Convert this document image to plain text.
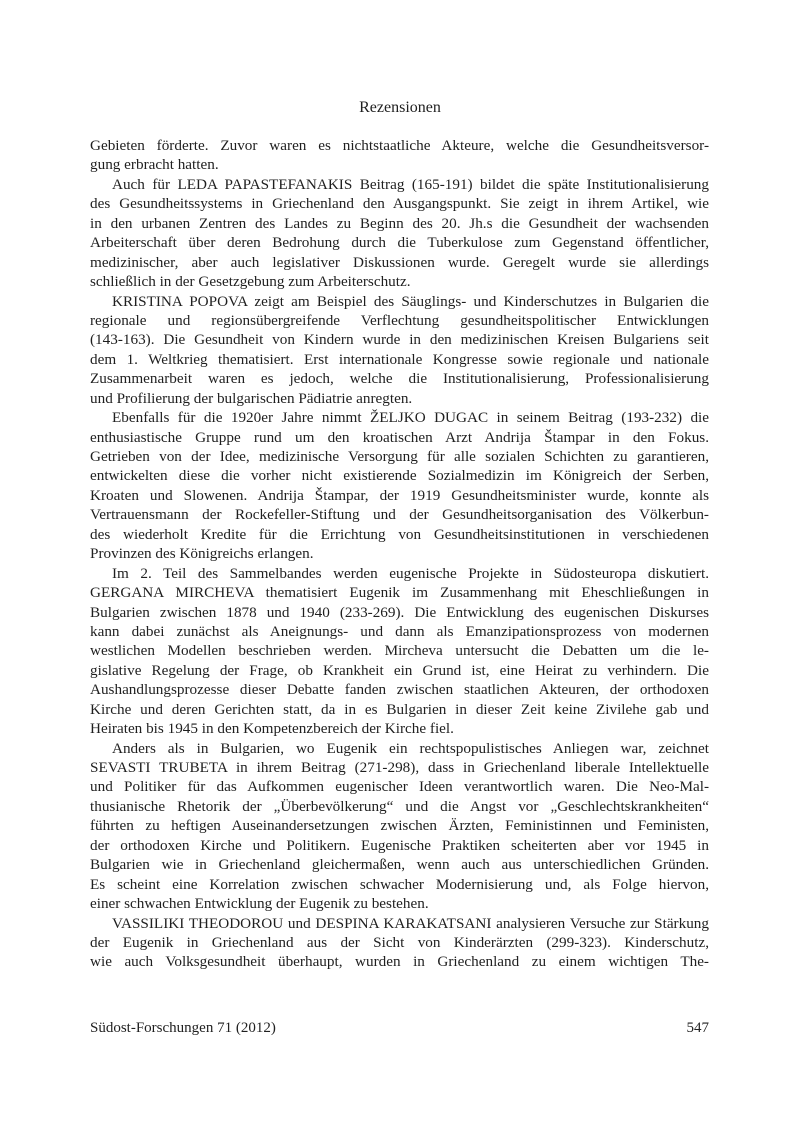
Rezensionen
Gebieten förderte. Zuvor waren es nichtstaatliche Akteure, welche die Gesundheitsversor-
gung erbracht hatten.
Auch für LEDA PAPASTEFANAKIS Beitrag (165-191) bildet die späte Institutionalisierung
des Gesundheitssystems in Griechenland den Ausgangspunkt. Sie zeigt in ihrem Artikel, wie
in den urbanen Zentren des Landes zu Beginn des 20. Jh.s die Gesundheit der wachsenden
Arbeiterschaft über deren Bedrohung durch die Tuberkulose zum Gegenstand öffentlicher,
medizinischer, aber auch legislativer Diskussionen wurde. Geregelt wurde sie allerdings
schließlich in der Gesetzgebung zum Arbeiterschutz.
KRISTINA POPOVA zeigt am Beispiel des Säuglings- und Kinderschutzes in Bulgarien die
regionale und regionsübergreifende Verflechtung gesundheitspolitischer Entwicklungen
(143-163). Die Gesundheit von Kindern wurde in den medizinischen Kreisen Bulgariens seit
dem 1. Weltkrieg thematisiert. Erst internationale Kongresse sowie regionale und nationale
Zusammenarbeit waren es jedoch, welche die Institutionalisierung, Professionalisierung
und Profilierung der bulgarischen Pädiatrie anregten.
Ebenfalls für die 1920er Jahre nimmt ŽELJKO DUGAC in seinem Beitrag (193-232) die
enthusiastische Gruppe rund um den kroatischen Arzt Andrija Štampar in den Fokus.
Getrieben von der Idee, medizinische Versorgung für alle sozialen Schichten zu garantieren,
entwickelten diese die vorher nicht existierende Sozialmedizin im Königreich der Serben,
Kroaten und Slowenen. Andrija Štampar, der 1919 Gesundheitsminister wurde, konnte als
Vertrauensmann der Rockefeller-Stiftung und der Gesundheitsorganisation des Völkerbun-
des wiederholt Kredite für die Errichtung von Gesundheitsinstitutionen in verschiedenen
Provinzen des Königreichs erlangen.
Im 2. Teil des Sammelbandes werden eugenische Projekte in Südosteuropa diskutiert.
GERGANA MIRCHEVA thematisiert Eugenik im Zusammenhang mit Eheschließungen in
Bulgarien zwischen 1878 und 1940 (233-269). Die Entwicklung des eugenischen Diskurses
kann dabei zunächst als Aneignungs- und dann als Emanzipationsprozess von modernen
westlichen Modellen beschrieben werden. Mircheva untersucht die Debatten um die le-
gislative Regelung der Frage, ob Krankheit ein Grund ist, eine Heirat zu verhindern. Die
Aushandlungsprozesse dieser Debatte fanden zwischen staatlichen Akteuren, der orthodoxen
Kirche und deren Gerichten statt, da in es Bulgarien in dieser Zeit keine Zivilehe gab und
Heiraten bis 1945 in den Kompetenzbereich der Kirche fiel.
Anders als in Bulgarien, wo Eugenik ein rechtspopulistisches Anliegen war, zeichnet
SEVASTI TRUBETA in ihrem Beitrag (271-298), dass in Griechenland liberale Intellektuelle
und Politiker für das Aufkommen eugenischer Ideen verantwortlich waren. Die Neo-Mal-
thusianische Rhetorik der „Überbevölkerung“ und die Angst vor „Geschlechtskrankheiten“
führten zu heftigen Auseinandersetzungen zwischen Ärzten, Feministinnen und Feministen,
der orthodoxen Kirche und Politikern. Eugenische Praktiken scheiterten aber vor 1945 in
Bulgarien wie in Griechenland gleichermaßen, wenn auch aus unterschiedlichen Gründen.
Es scheint eine Korrelation zwischen schwacher Modernisierung und, als Folge hiervon,
einer schwachen Entwicklung der Eugenik zu bestehen.
VASSILIKI THEODOROU und DESPINA KARAKATSANI analysieren Versuche zur Stärkung
der Eugenik in Griechenland aus der Sicht von Kinderärzten (299-323). Kinderschutz,
wie auch Volksgesundheit überhaupt, wurden in Griechenland zu einem wichtigen The-
Südost-Forschungen 71 (2012)	547
